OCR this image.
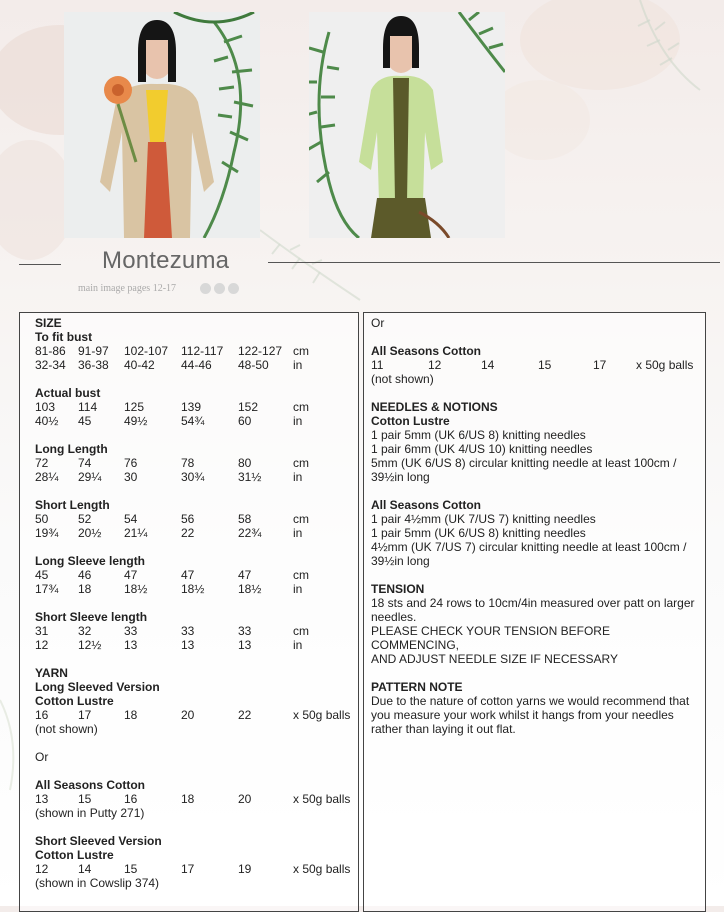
Montezuma
main image pages 12-17
SIZE
To fit bust
81-86	91-97	102-107	112-117	122-127 cm
32-34	36-38	40-42	44-46	48-50	in
Actual bust
103	114	125	139	152	cm
40½	45	49½	54¾	60	in
Long Length
72	74	76	78	80	cm
28¼	29¼	30	30¾	31½	in
Short Length
50	52	54	56	58	cm
19¾	20½	21¼	22	22¾	in
Long Sleeve length
45	46	47	47	47	cm
17¾	18	18½	18½	18½	in
Short Sleeve length
31	32	33	33	33	cm
12	12½	13	13	13	in
YARN
Long Sleeved Version
Cotton Lustre
16	17	18	20	22	x 50g balls
(not shown)
Or
All Seasons Cotton
13	15	16	18	20	x 50g balls
(shown in Putty 271)
Short Sleeved Version
Cotton Lustre
12	14	15	17	19	x 50g balls
(shown in Cowslip 374)
Or
All Seasons Cotton
11	12	14	15	17	x 50g balls
(not shown)
NEEDLES & NOTIONS
Cotton Lustre
1 pair 5mm (UK 6/US 8) knitting needles
1 pair 6mm (UK 4/US 10) knitting needles
5mm (UK 6/US 8) circular knitting needle at least 100cm /
39½in long
All Seasons Cotton
1 pair 4½mm (UK 7/US 7) knitting needles
1 pair 5mm (UK 6/US 8) knitting needles
4½mm (UK 7/US 7) circular knitting needle at least 100cm /
39½in long
TENSION
18 sts and 24 rows to 10cm/4in measured over patt on larger
needles.
PLEASE CHECK YOUR TENSION BEFORE COMMENCING,
AND ADJUST NEEDLE SIZE IF NECESSARY
PATTERN NOTE
Due to the nature of cotton yarns we would recommend that
you measure your work whilst it hangs from your needles
rather than laying it out flat.
